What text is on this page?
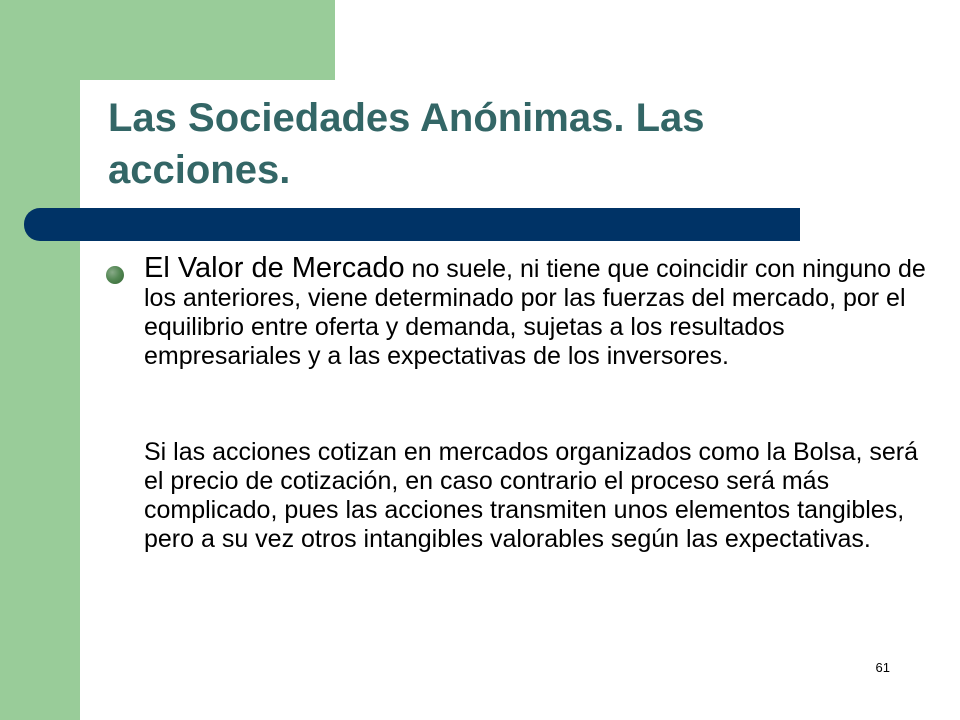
Las Sociedades Anónimas. Las acciones.

El Valor de Mercado no suele, ni tiene que coincidir con ninguno de los anteriores, viene determinado por las fuerzas del mercado, por el equilibrio entre oferta y demanda, sujetas a los resultados empresariales y a las expectativas de los inversores.

Si las acciones cotizan en mercados organizados como la Bolsa, será el precio de cotización, en caso contrario el proceso será más complicado, pues las acciones transmiten unos elementos tangibles, pero a su vez otros intangibles valorables según las expectativas.

61
